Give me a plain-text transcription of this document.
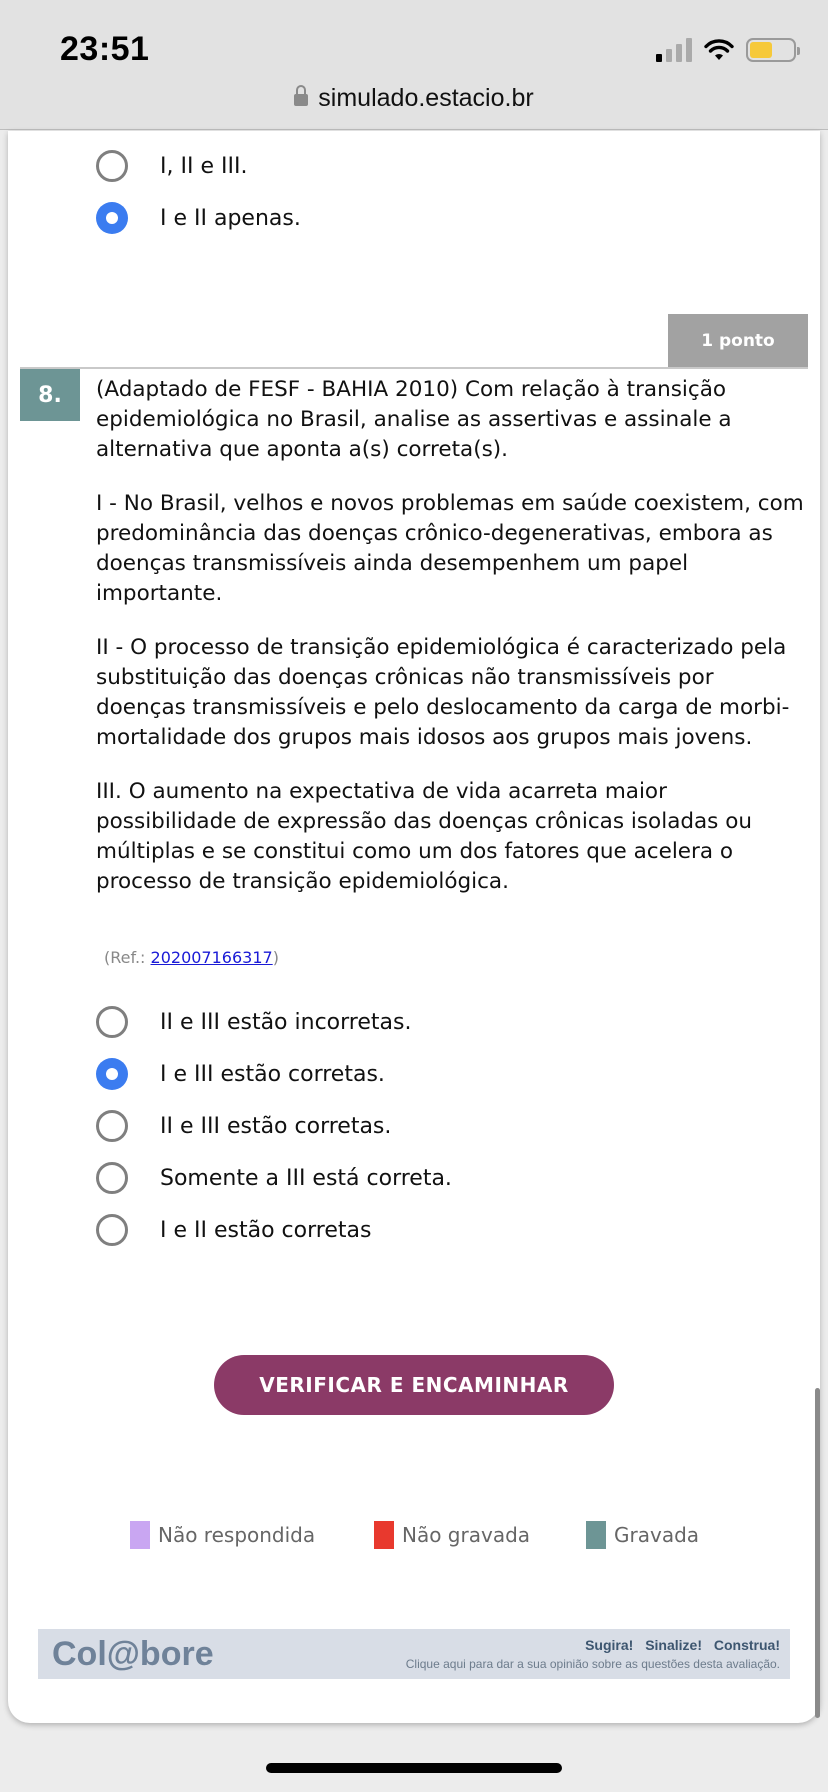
23:51
simulado.estacio.br
I, II e III.
I e II apenas.
1 ponto
8.	(Adaptado de FESF - BAHIA 2010) Com relação à transição epidemiológica no Brasil, analise as assertivas e assinale a alternativa que aponta a(s) correta(s).

I - No Brasil, velhos e novos problemas em saúde coexistem, com predominância das doenças crônico-degenerativas, embora as doenças transmissíveis ainda desempenhem um papel importante.

II - O processo de transição epidemiológica é caracterizado pela substituição das doenças crônicas não transmissíveis por doenças transmissíveis e pelo deslocamento da carga de morbi-mortalidade dos grupos mais idosos aos grupos mais jovens.

III. O aumento na expectativa de vida acarreta maior possibilidade de expressão das doenças crônicas isoladas ou múltiplas e se constitui como um dos fatores que acelera o processo de transição epidemiológica.

(Ref.: 202007166317)
II e III estão incorretas.
I e III estão corretas.
II e III estão corretas.
Somente a III está correta.
I e II estão corretas
VERIFICAR E ENCAMINHAR
Não respondida	Não gravada	Gravada
Col@bore	Sugira! Sinalize! Construa!
Clique aqui para dar a sua opinião sobre as questões desta avaliação.
